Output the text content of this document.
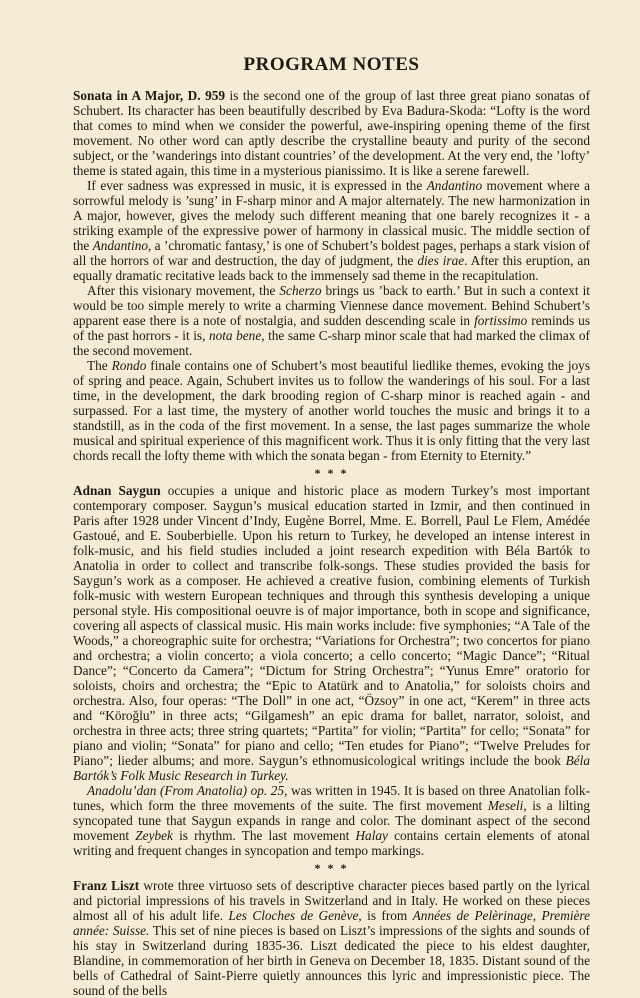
PROGRAM NOTES

Sonata in A Major, D. 959 is the second one of the group of last three great piano sonatas of Schubert. Its character has been beautifully described by Eva Badura-Skoda: “Lofty is the word that comes to mind when we consider the powerful, awe-inspiring opening theme of the first movement. No other word can aptly describe the crystalline beauty and purity of the second subject, or the ’wanderings into distant countries’ of the development. At the very end, the ’lofty’ theme is stated again, this time in a mysterious pianissimo. It is like a serene farewell.

If ever sadness was expressed in music, it is expressed in the Andantino movement where a sorrowful melody is ’sung’ in F-sharp minor and A major alternately. The new harmonization in A major, however, gives the melody such different meaning that one barely recognizes it - a striking example of the expressive power of harmony in classical music. The middle section of the Andantino, a ’chromatic fantasy,’ is one of Schubert’s boldest pages, perhaps a stark vision of all the horrors of war and destruction, the day of judgment, the dies irae. After this eruption, an equally dramatic recitative leads back to the immensely sad theme in the recapitulation.

After this visionary movement, the Scherzo brings us ’back to earth.’ But in such a context it would be too simple merely to write a charming Viennese dance movement. Behind Schubert’s apparent ease there is a note of nostalgia, and sudden descending scale in fortissimo reminds us of the past horrors - it is, nota bene, the same C-sharp minor scale that had marked the climax of the second movement.

The Rondo finale contains one of Schubert’s most beautiful liedlike themes, evoking the joys of spring and peace. Again, Schubert invites us to follow the wanderings of his soul. For a last time, in the development, the dark brooding region of C-sharp minor is reached again - and surpassed. For a last time, the mystery of another world touches the music and brings it to a standstill, as in the coda of the first movement. In a sense, the last pages summarize the whole musical and spiritual experience of this magnificent work. Thus it is only fitting that the very last chords recall the lofty theme with which the sonata began - from Eternity to Eternity.”

* * *

Adnan Saygun occupies a unique and historic place as modern Turkey’s most important contemporary composer. Saygun’s musical education started in Izmir, and then continued in Paris after 1928 under Vincent d’Indy, Eugène Borrel, Mme. E. Borrell, Paul Le Flem, Amédée Gastoué, and E. Souberbielle. Upon his return to Turkey, he developed an intense interest in folk-music, and his field studies included a joint research expedition with Béla Bartók to Anatolia in order to collect and transcribe folk-songs. These studies provided the basis for Saygun’s work as a composer. He achieved a creative fusion, combining elements of Turkish folk-music with western European techniques and through this synthesis developing a unique personal style. His compositional oeuvre is of major importance, both in scope and significance, covering all aspects of classical music. His main works include: five symphonies; “A Tale of the Woods,” a choreographic suite for orchestra; “Variations for Orchestra”; two concertos for piano and orchestra; a violin concerto; a viola concerto; a cello concerto; “Magic Dance”; “Ritual Dance”; “Concerto da Camera”; “Dictum for String Orchestra”; “Yunus Emre” oratorio for soloists, choirs and orchestra; the “Epic to Atatürk and to Anatolia,” for soloists choirs and orchestra. Also, four operas: “The Doll” in one act, “Özsoy” in one act, “Kerem” in three acts and “Köroğlu” in three acts; “Gilgamesh” an epic drama for ballet, narrator, soloist, and orchestra in three acts; three string quartets; “Partita” for violin; “Partita” for cello; “Sonata” for piano and violin; “Sonata” for piano and cello; “Ten etudes for Piano”; “Twelve Preludes for Piano”; lieder albums; and more. Saygun’s ethnomusicological writings include the book Béla Bartók’s Folk Music Research in Turkey.

Anadolu’dan (From Anatolia) op. 25, was written in 1945. It is based on three Anatolian folk-tunes, which form the three movements of the suite. The first movement Meseli, is a lilting syncopated tune that Saygun expands in range and color. The dominant aspect of the second movement Zeybek is rhythm. The last movement Halay contains certain elements of atonal writing and frequent changes in syncopation and tempo markings.

* * *

Franz Liszt wrote three virtuoso sets of descriptive character pieces based partly on the lyrical and pictorial impressions of his travels in Switzerland and in Italy. He worked on these pieces almost all of his adult life. Les Cloches de Genève, is from Années de Pelèrinage, Première année: Suisse. This set of nine pieces is based on Liszt’s impressions of the sights and sounds of his stay in Switzerland during 1835-36. Liszt dedicated the piece to his eldest daughter, Blandine, in commemoration of her birth in Geneva on December 18, 1835. Distant sound of the bells of Cathedral of Saint-Pierre quietly announces this lyric and impressionistic piece. The sound of the bells
